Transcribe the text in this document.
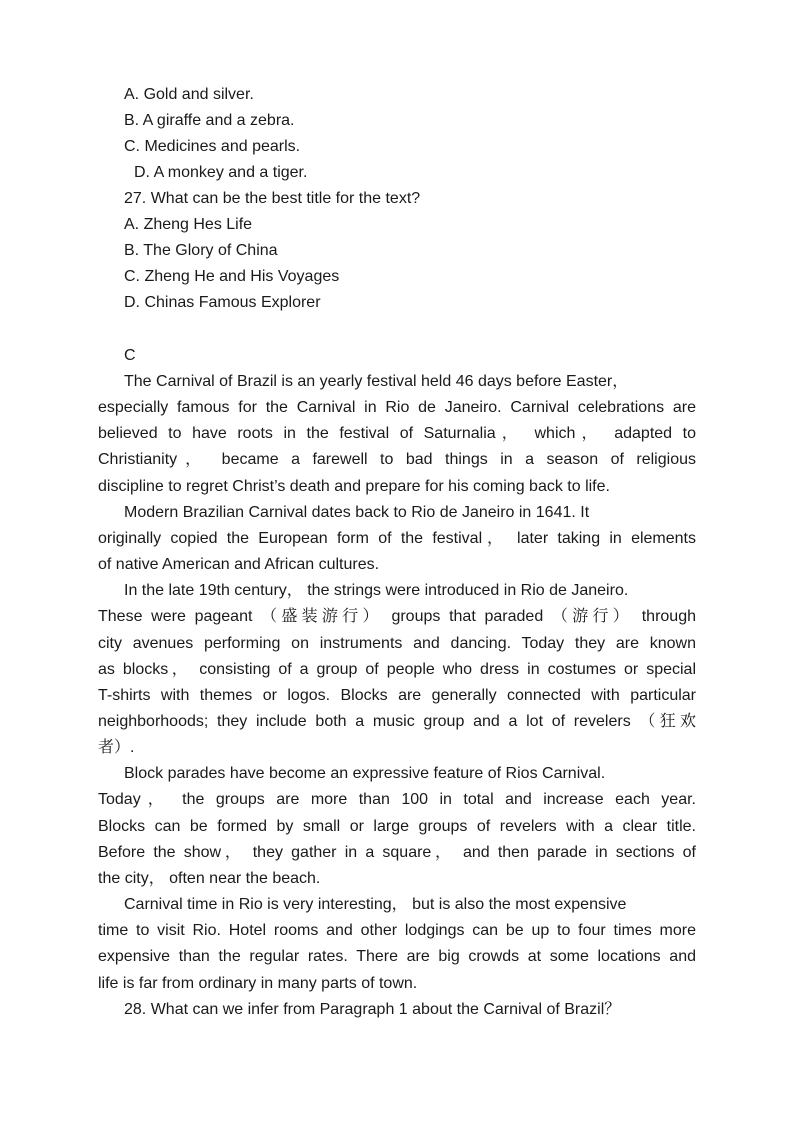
A. Gold and silver.
B. A giraffe and a zebra.
C. Medicines and pearls.
D. A monkey and a tiger.
27. What can be the best title for the text?
A. Zheng Hes Life
B. The Glory of China
C. Zheng He and His Voyages
D. Chinas Famous Explorer
C
The Carnival of Brazil is an yearly festival held 46 days before Easter，
especially famous for the Carnival in Rio de Janeiro. Carnival celebrations are
believed to have roots in the festival of Saturnalia， which， adapted to
Christianity， became a farewell to bad things in a season of religious
discipline to regret Christ’s death and prepare for his coming back to life.
Modern Brazilian Carnival dates back to Rio de Janeiro in 1641. It
originally copied the European form of the festival， later taking in elements
of native American and African cultures.
In the late 19th century， the strings were introduced in Rio de Janeiro.
These were pageant （盛装游行） groups that paraded （游行） through
city avenues performing on instruments and dancing. Today they are known
as blocks， consisting of a group of people who dress in costumes or special
T-shirts with themes or logos. Blocks are generally connected with particular
neighborhoods; they include both a music group and a lot of revelers （狂欢
者）.
Block parades have become an expressive feature of Rios Carnival.
Today， the groups are more than 100 in total and increase each year.
Blocks can be formed by small or large groups of revelers with a clear title.
Before the show， they gather in a square， and then parade in sections of
the city， often near the beach.
Carnival time in Rio is very interesting， but is also the most expensive
time to visit Rio. Hotel rooms and other lodgings can be up to four times more
expensive than the regular rates. There are big crowds at some locations and
life is far from ordinary in many parts of town.
28. What can we infer from Paragraph 1 about the Carnival of Brazil？
